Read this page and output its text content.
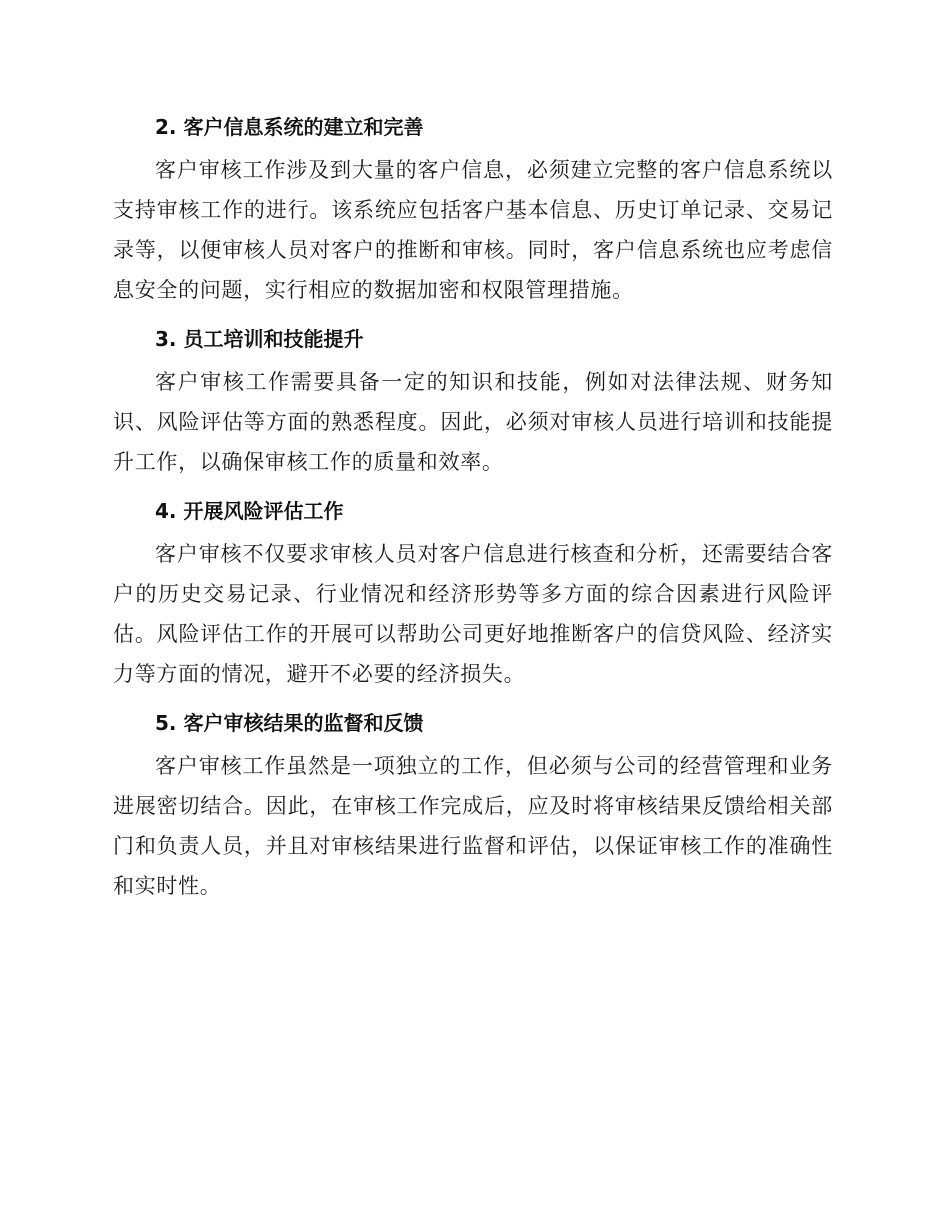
2. 客户信息系统的建立和完善

客户审核工作涉及到大量的客户信息，必须建立完整的客户信息系统以支持审核工作的进行。该系统应包括客户基本信息、历史订单记录、交易记录等，以便审核人员对客户的推断和审核。同时，客户信息系统也应考虑信息安全的问题，实行相应的数据加密和权限管理措施。

3. 员工培训和技能提升

客户审核工作需要具备一定的知识和技能，例如对法律法规、财务知识、风险评估等方面的熟悉程度。因此，必须对审核人员进行培训和技能提升工作，以确保审核工作的质量和效率。

4. 开展风险评估工作

客户审核不仅要求审核人员对客户信息进行核查和分析，还需要结合客户的历史交易记录、行业情况和经济形势等多方面的综合因素进行风险评估。风险评估工作的开展可以帮助公司更好地推断客户的信贷风险、经济实力等方面的情况，避开不必要的经济损失。

5. 客户审核结果的监督和反馈

客户审核工作虽然是一项独立的工作，但必须与公司的经营管理和业务进展密切结合。因此，在审核工作完成后，应及时将审核结果反馈给相关部门和负责人员，并且对审核结果进行监督和评估，以保证审核工作的准确性和实时性。
